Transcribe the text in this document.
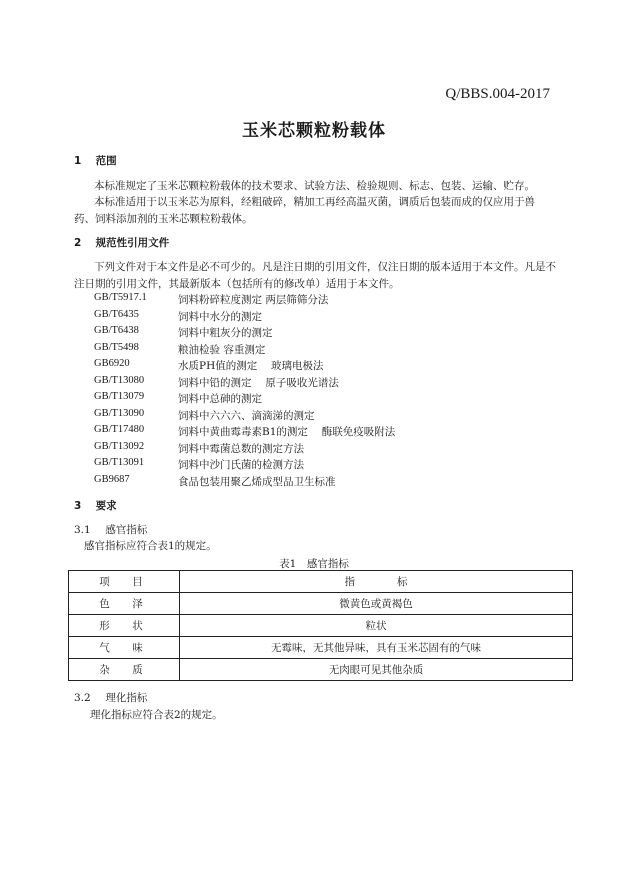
Q/BBS.004-2017
玉米芯颗粒粉载体
1 范围
本标准规定了玉米芯颗粒粉载体的技术要求、试验方法、检验规则、标志、包装、运输、贮存。
本标准适用于以玉米芯为原料，经粗破碎，精加工再经高温灭菌，调质后包装而成的仅应用于兽药、饲料添加剂的玉米芯颗粒粉载体。
2 规范性引用文件
下列文件对于本文件是必不可少的。凡是注日期的引用文件，仅注日期的版本适用于本文件。凡是不注日期的引用文件，其最新版本（包括所有的修改单）适用于本文件。
GB/T5917.1	饲料粉碎粒度测定 两层筛筛分法
GB/T6435	饲料中水分的测定
GB/T6438	饲料中粗灰分的测定
GB/T5498	粮油检验 容重测定
GB6920	水质PH值的测定　 玻璃电极法
GB/T13080	饲料中铅的测定　 原子吸收光谱法
GB/T13079	饲料中总砷的测定
GB/T13090	饲料中六六六、滴滴涕的测定
GB/T17480	饲料中黄曲霉毒素B1的测定　 酶联免疫吸附法
GB/T13092	饲料中霉菌总数的测定方法
GB/T13091	饲料中沙门氏菌的检测方法
GB9687	食品包装用聚乙烯成型品卫生标准
3 要求
3.1 感官指标
感官指标应符合表1的规定。
表1　感官指标
项　目	指　　　　标
色　泽	微黄色或黄褐色
形　状	粒状
气　味	无霉味，无其他异味，具有玉米芯固有的气味
杂　质	无肉眼可见其他杂质
3.2 理化指标
理化指标应符合表2的规定。
